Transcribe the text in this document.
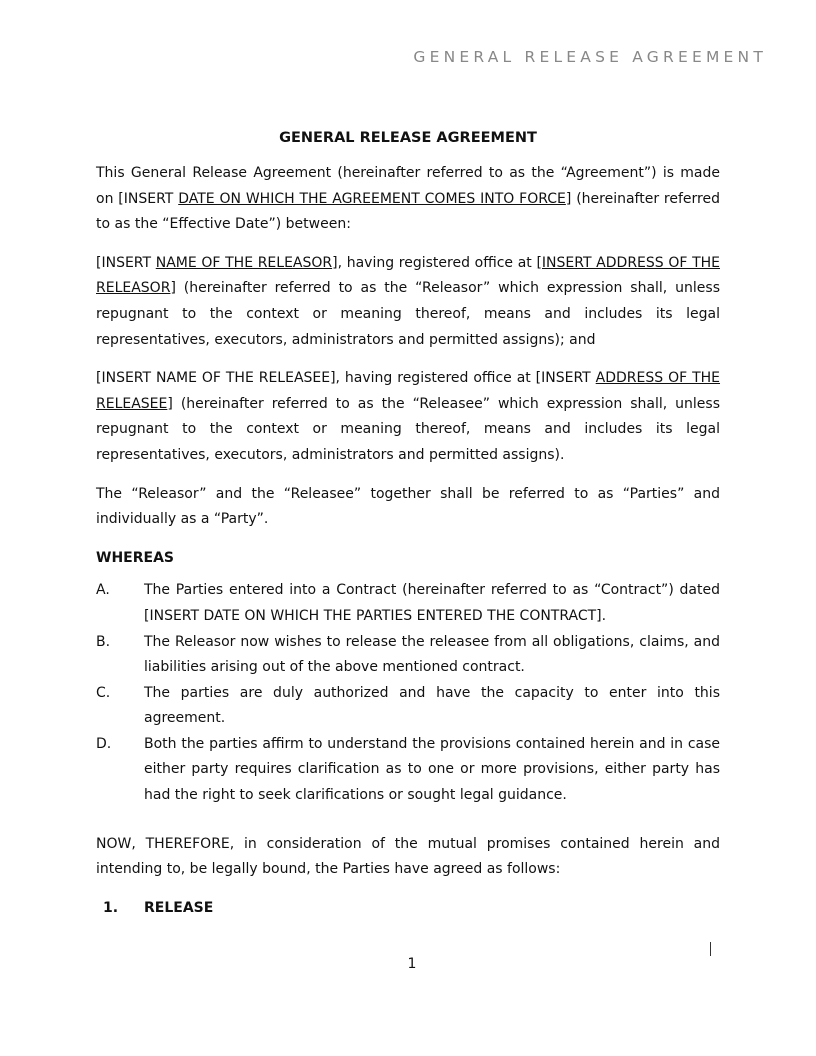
GENERAL RELEASE AGREEMENT
GENERAL RELEASE AGREEMENT

This General Release Agreement (hereinafter referred to as the “Agreement”) is made on [INSERT DATE ON WHICH THE AGREEMENT COMES INTO FORCE] (hereinafter referred to as the “Effective Date”) between:

[INSERT NAME OF THE RELEASOR], having registered office at [INSERT ADDRESS OF THE RELEASOR] (hereinafter referred to as the “Releasor” which expression shall, unless repugnant to the context or meaning thereof, means and includes its legal representatives, executors, administrators and permitted assigns); and

[INSERT NAME OF THE RELEASEE], having registered office at [INSERT ADDRESS OF THE RELEASEE] (hereinafter referred to as the “Releasee” which expression shall, unless repugnant to the context or meaning thereof, means and includes its legal representatives, executors, administrators and permitted assigns).

The “Releasor” and the “Releasee” together shall be referred to as “Parties” and individually as a “Party”.

WHEREAS
A.	The Parties entered into a Contract (hereinafter referred to as “Contract”) dated [INSERT DATE ON WHICH THE PARTIES ENTERED THE CONTRACT].
B.	The Releasor now wishes to release the releasee from all obligations, claims, and liabilities arising out of the above mentioned contract.
C.	The parties are duly authorized and have the capacity to enter into this agreement.
D.	Both the parties affirm to understand the provisions contained herein and in case either party requires clarification as to one or more provisions, either party has had the right to seek clarifications or sought legal guidance.

NOW, THEREFORE, in consideration of the mutual promises contained herein and intending to, be legally bound, the Parties have agreed as follows:

1.	RELEASE
1
